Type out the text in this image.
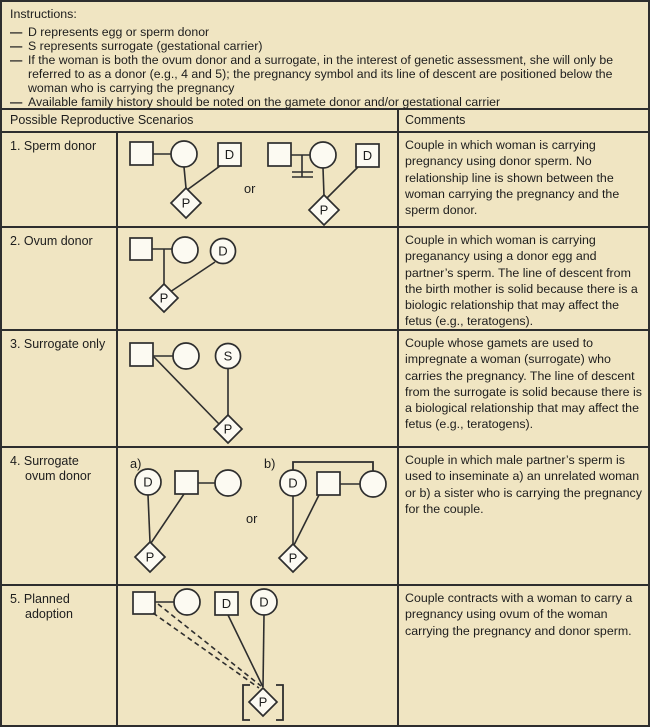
Instructions:
— D represents egg or sperm donor
— S represents surrogate (gestational carrier)
— If the woman is both the ovum donor and a surrogate, in the interest of genetic assessment, she will only be referred to as a donor (e.g., 4 and 5); the pregnancy symbol and its line of descent are positioned below the woman who is carrying the pregnancy
— Available family history should be noted on the gamete donor and/or gestational carrier
Possible Reproductive Scenarios	Comments
1. Sperm donor
D
P
or
D
P
Couple in which woman is carrying pregnancy using donor sperm. No relationship line is shown between the woman carrying the pregnancy and the sperm donor.
2. Ovum donor
D
P
Couple in which woman is carrying preganancy using a donor egg and partner’s sperm. The line of descent from the birth mother is solid because there is a biologic relationship that may affect the fetus (e.g., teratogens).
3. Surrogate only
S
P
Couple whose gamets are used to impregnate a woman (surrogate) who carries the pregnancy. The line of descent from the surrogate is solid because there is a biological relationship that may affect the fetus (e.g., teratogens).
4. Surrogate ovum donor
a)
D
P
or
b)
D
P
Couple in which male partner’s sperm is used to inseminate a) an unrelated woman or b) a sister who is carrying the pregnancy for the couple.
5. Planned adoption
D D
P
Couple contracts with a woman to carry a pregnancy using ovum of the woman carrying the pregnancy and donor sperm.
